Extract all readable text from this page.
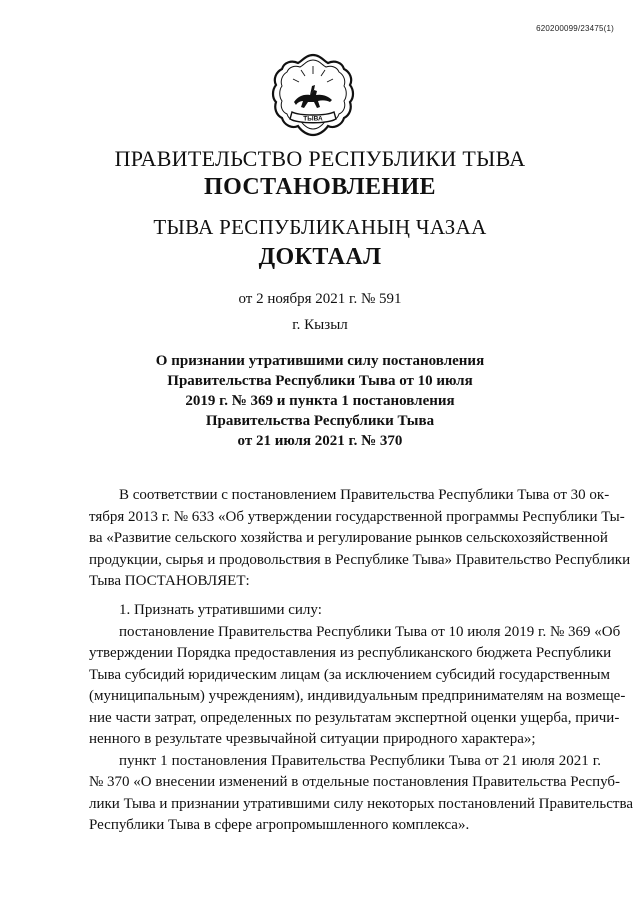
620200099/23475(1)
ТЫВА
ПРАВИТЕЛЬСТВО РЕСПУБЛИКИ ТЫВА
ПОСТАНОВЛЕНИЕ
ТЫВА РЕСПУБЛИКАНЫҢ ЧАЗАА
ДОКТААЛ

от 2 ноября 2021 г. № 591

г. Кызыл

О признании утратившими силу постановления
Правительства Республики Тыва от 10 июля
2019 г. № 369 и пункта 1 постановления
Правительства Республики Тыва
от 21 июля 2021 г. № 370
В соответствии с постановлением Правительства Республики Тыва от 30 ок-
тября 2013 г. № 633 «Об утверждении государственной программы Республики Ты-
ва «Развитие сельского хозяйства и регулирование рынков сельскохозяйственной
продукции, сырья и продовольствия в Республике Тыва» Правительство Республики
Тыва ПОСТАНОВЛЯЕТ:
1. Признать утратившими силу:
постановление Правительства Республики Тыва от 10 июля 2019 г. № 369 «Об
утверждении Порядка предоставления из республиканского бюджета Республики
Тыва субсидий юридическим лицам (за исключением субсидий государственным
(муниципальным) учреждениям), индивидуальным предпринимателям на возмеще-
ние части затрат, определенных по результатам экспертной оценки ущерба, причи-
ненного в результате чрезвычайной ситуации природного характера»;
пункт 1 постановления Правительства Республики Тыва от 21 июля 2021 г.
№ 370 «О внесении изменений в отдельные постановления Правительства Респуб-
лики Тыва и признании утратившими силу некоторых постановлений Правительства
Республики Тыва в сфере агропромышленного комплекса».
